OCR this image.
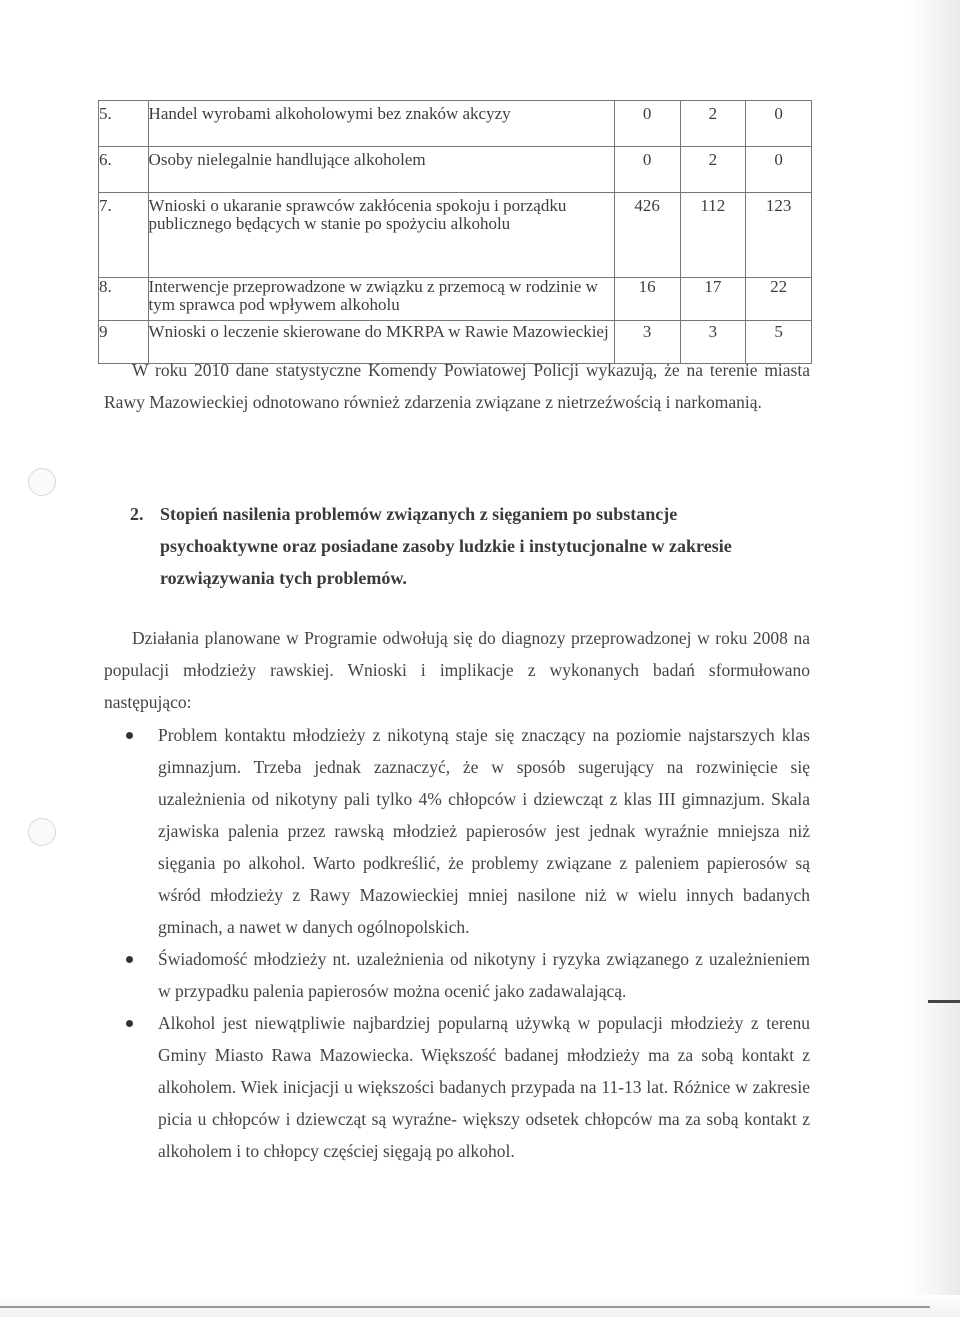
5.	Handel wyrobami alkoholowymi bez znaków akcyzy	0	2	0
6.	Osoby nielegalnie handlujące alkoholem	0	2	0
7.	Wnioski o ukaranie sprawców zakłócenia spokoju i porządku publicznego będących w stanie po spożyciu alkoholu	426	112	123
8.	Interwencje przeprowadzone w związku z przemocą w rodzinie w tym sprawca pod wpływem alkoholu	16	17	22
9	Wnioski o leczenie skierowane do MKRPA w Rawie Mazowieckiej	3	3	5

W roku 2010 dane statystyczne Komendy Powiatowej Policji wykazują, że na terenie miasta Rawy Mazowieckiej odnotowano również zdarzenia związane z nietrzeźwością i narkomanią.

2. Stopień nasilenia problemów związanych z sięganiem po substancje psychoaktywne oraz posiadane zasoby ludzkie i instytucjonalne w zakresie rozwiązywania tych problemów.

Działania planowane w Programie odwołują się do diagnozy przeprowadzonej w roku 2008 na populacji młodzieży rawskiej. Wnioski i implikacje z wykonanych badań sformułowano następująco:

Problem kontaktu młodzieży z nikotyną staje się znaczący na poziomie najstarszych klas gimnazjum. Trzeba jednak zaznaczyć, że w sposób sugerujący na rozwinięcie się uzależnienia od nikotyny pali tylko 4% chłopców i dziewcząt z klas III gimnazjum. Skala zjawiska palenia przez rawską młodzież papierosów jest jednak wyraźnie mniejsza niż sięgania po alkohol. Warto podkreślić, że problemy związane z paleniem papierosów są wśród młodzieży z Rawy Mazowieckiej mniej nasilone niż w wielu innych badanych gminach, a nawet w danych ogólnopolskich.
Świadomość młodzieży nt. uzależnienia od nikotyny i ryzyka związanego z uzależnieniem w przypadku palenia papierosów można ocenić jako zadawalającą.
Alkohol jest niewątpliwie najbardziej popularną używką w populacji młodzieży z terenu Gminy Miasto Rawa Mazowiecka. Większość badanej młodzieży ma za sobą kontakt z alkoholem. Wiek inicjacji u większości badanych przypada na 11-13 lat. Różnice w zakresie picia u chłopców i dziewcząt są wyraźne- większy odsetek chłopców ma za sobą kontakt z alkoholem i to chłopcy częściej sięgają po alkohol.
